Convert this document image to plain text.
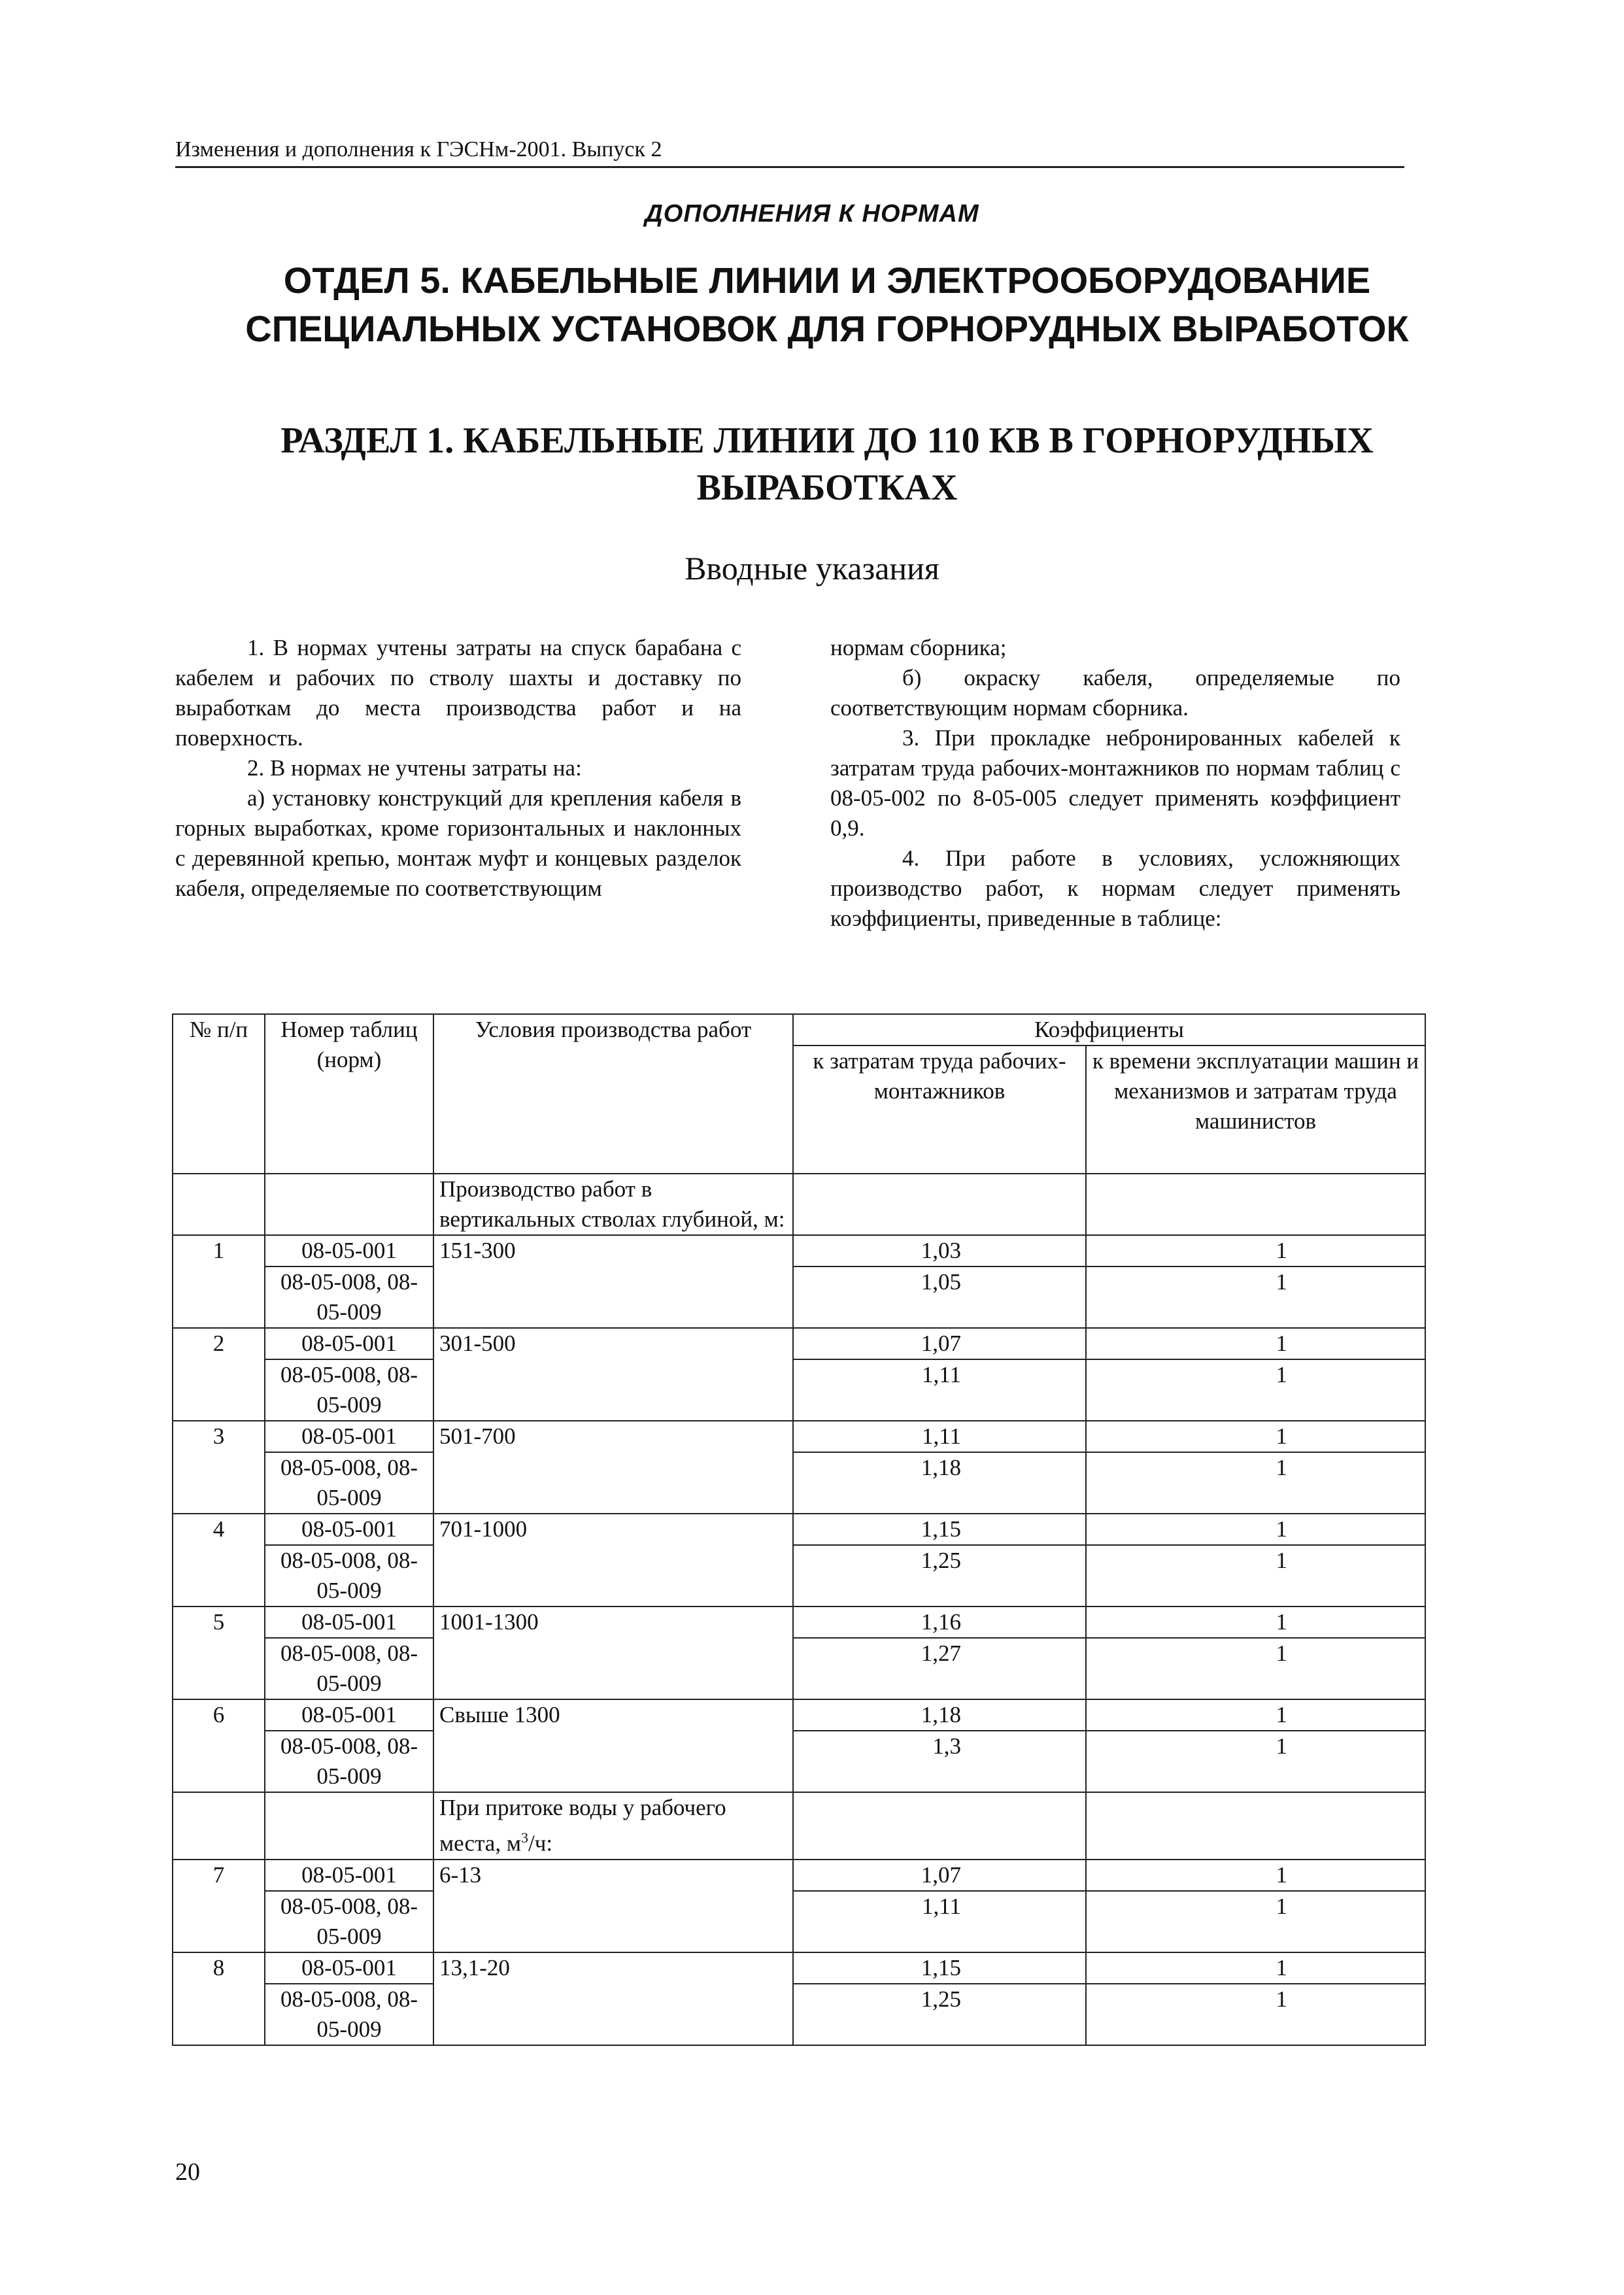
Изменения и дополнения к ГЭСНм-2001. Выпуск 2
ДОПОЛНЕНИЯ К НОРМАМ
ОТДЕЛ 5. КАБЕЛЬНЫЕ ЛИНИИ И ЭЛЕКТРООБОРУДОВАНИЕ СПЕЦИАЛЬНЫХ УСТАНОВОК ДЛЯ ГОРНОРУДНЫХ ВЫРАБОТОК
РАЗДЕЛ 1. КАБЕЛЬНЫЕ ЛИНИИ ДО 110 КВ В ГОРНОРУДНЫХ ВЫРАБОТКАХ
Вводные указания

1. В нормах учтены затраты на спуск барабана с кабелем и рабочих по стволу шахты и доставку по выработкам до места производства работ и на поверхность.

2. В нормах не учтены затраты на:

а) установку конструкций для крепления кабеля в горных выработках, кроме горизонтальных и наклонных с деревянной крепью, монтаж муфт и концевых разделок кабеля, определяемые по соответствующим

нормам сборника;

б) окраску кабеля, определяемые по соответствующим нормам сборника.

3. При прокладке небронированных кабелей к затратам труда рабочих-монтажников по нормам таблиц с 08-05-002 по 8-05-005 следует применять коэффициент 0,9.

4. При работе в условиях, усложняющих производство работ, к нормам следует применять коэффициенты, приведенные в таблице:

№ п/п	Номер таблиц (норм)	Условия производства работ	Коэффициенты	
			к затратам труда рабочих-монтажников	к времени эксплуатации машин и механизмов и затратам труда машинистов
		Производство работ в вертикальных стволах глубиной, м:		
1	08-05-001	151-300	1,03	1
	08-05-008, 08-05-009		1,05	1
2	08-05-001	301-500	1,07	1
	08-05-008, 08-05-009		1,11	1
3	08-05-001	501-700	1,11	1
	08-05-008, 08-05-009		1,18	1
4	08-05-001	701-1000	1,15	1
	08-05-008, 08-05-009		1,25	1
5	08-05-001	1001-1300	1,16	1
	08-05-008, 08-05-009		1,27	1
6	08-05-001	Свыше 1300	1,18	1
	08-05-008, 08-05-009		1,3	1
		При притоке воды у рабочего места, $м^3/ч$:		
7	08-05-001	6-13	1,07	1
	08-05-008, 08-05-009		1,11	1
8	08-05-001	13,1-20	1,15	1
	08-05-008, 08-05-009		1,25	1
20
